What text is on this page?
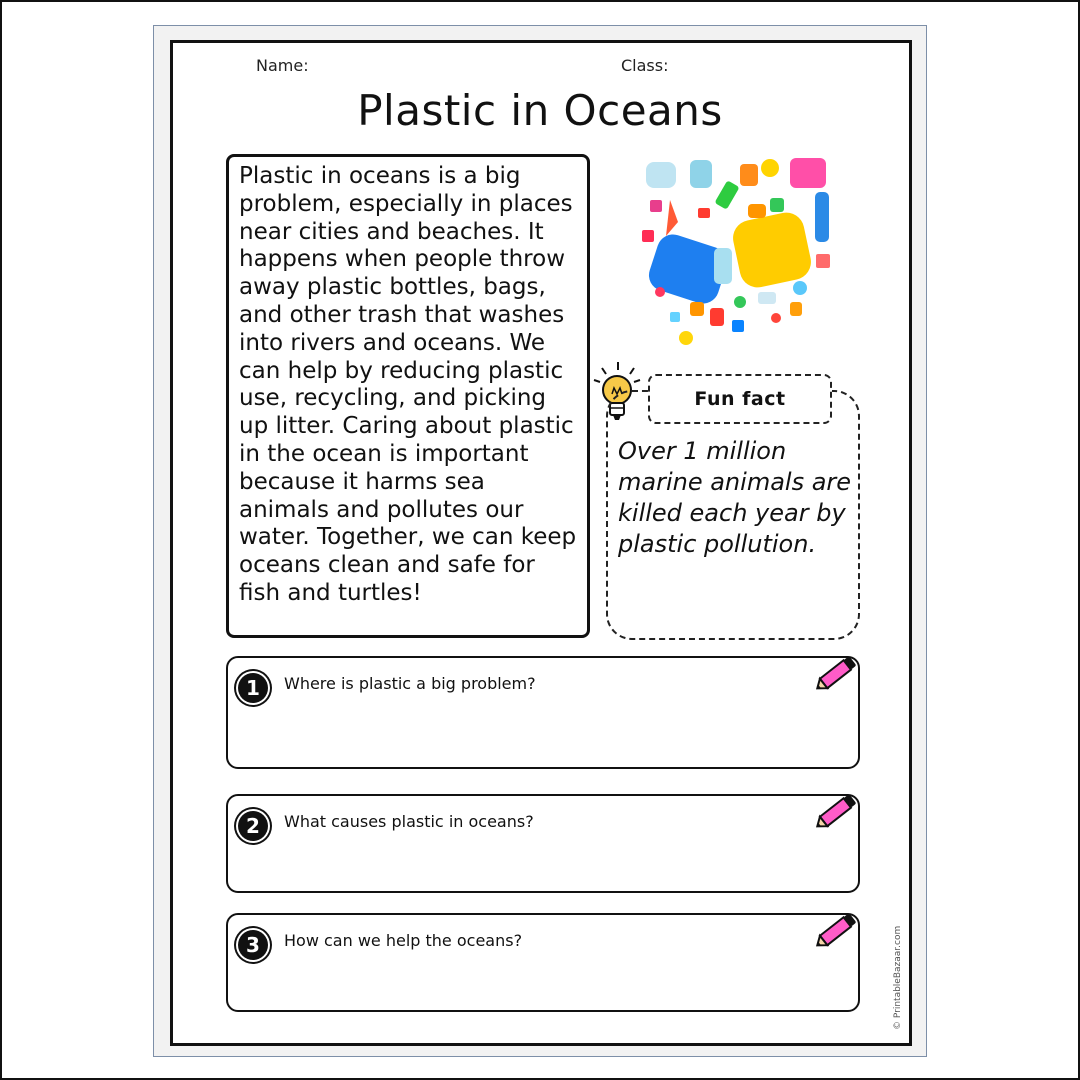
Name:	Class:
Plastic in Oceans

Plastic in oceans is a big problem, especially in places near cities and beaches. It happens when people throw away plastic bottles, bags, and other trash that washes into rivers and oceans. We can help by reducing plastic use, recycling, and picking up litter. Caring about plastic in the ocean is important because it harms sea animals and pollutes our water. Together, we can keep oceans clean and safe for fish and turtles!

Fun fact
Over 1 million marine animals are killed each year by plastic pollution.
1	Where is plastic a big problem?
2	What causes plastic in oceans?
3	How can we help the oceans?	© PrintableBazaar.com
